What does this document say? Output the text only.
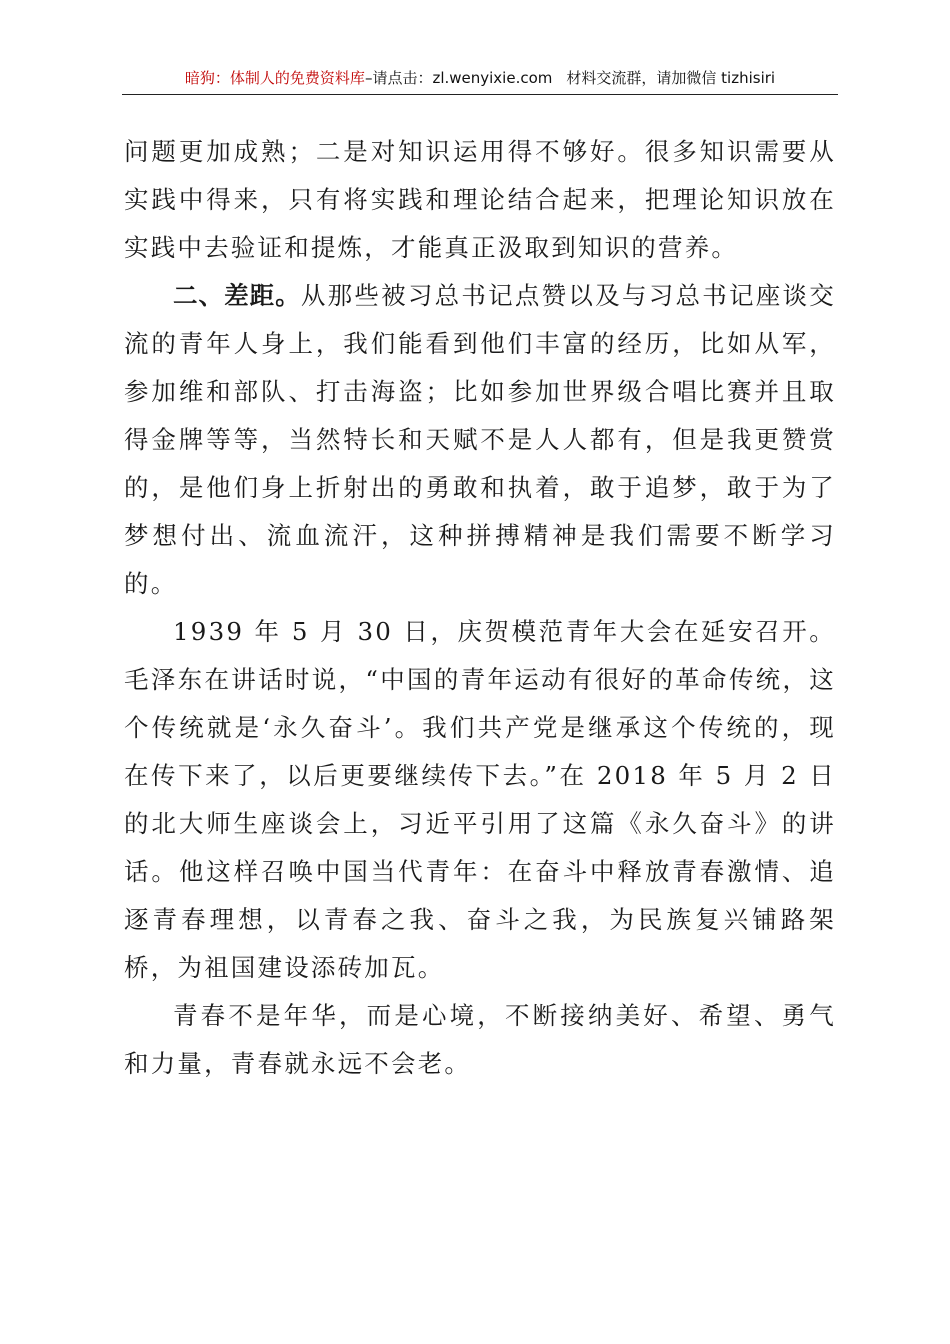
暗狗：体制人的免费资料库–请点击：zl.wenyixie.com 材料交流群，请加微信 tizhisiri

问题更加成熟；二是对知识运用得不够好。很多知识需要从实践中得来，只有将实践和理论结合起来，把理论知识放在实践中去验证和提炼，才能真正汲取到知识的营养。

二、差距。从那些被习总书记点赞以及与习总书记座谈交流的青年人身上，我们能看到他们丰富的经历，比如从军，参加维和部队、打击海盗；比如参加世界级合唱比赛并且取得金牌等等，当然特长和天赋不是人人都有，但是我更赞赏的，是他们身上折射出的勇敢和执着，敢于追梦，敢于为了梦想付出、流血流汗，这种拼搏精神是我们需要不断学习的。

1939 年 5 月 30 日，庆贺模范青年大会在延安召开。毛泽东在讲话时说，“中国的青年运动有很好的革命传统，这个传统就是‘永久奋斗’。我们共产党是继承这个传统的，现在传下来了，以后更要继续传下去。”在 2018 年 5 月 2 日的北大师生座谈会上，习近平引用了这篇《永久奋斗》的讲话。他这样召唤中国当代青年：在奋斗中释放青春激情、追逐青春理想，以青春之我、奋斗之我，为民族复兴铺路架桥，为祖国建设添砖加瓦。

青春不是年华，而是心境，不断接纳美好、希望、勇气和力量，青春就永远不会老。
